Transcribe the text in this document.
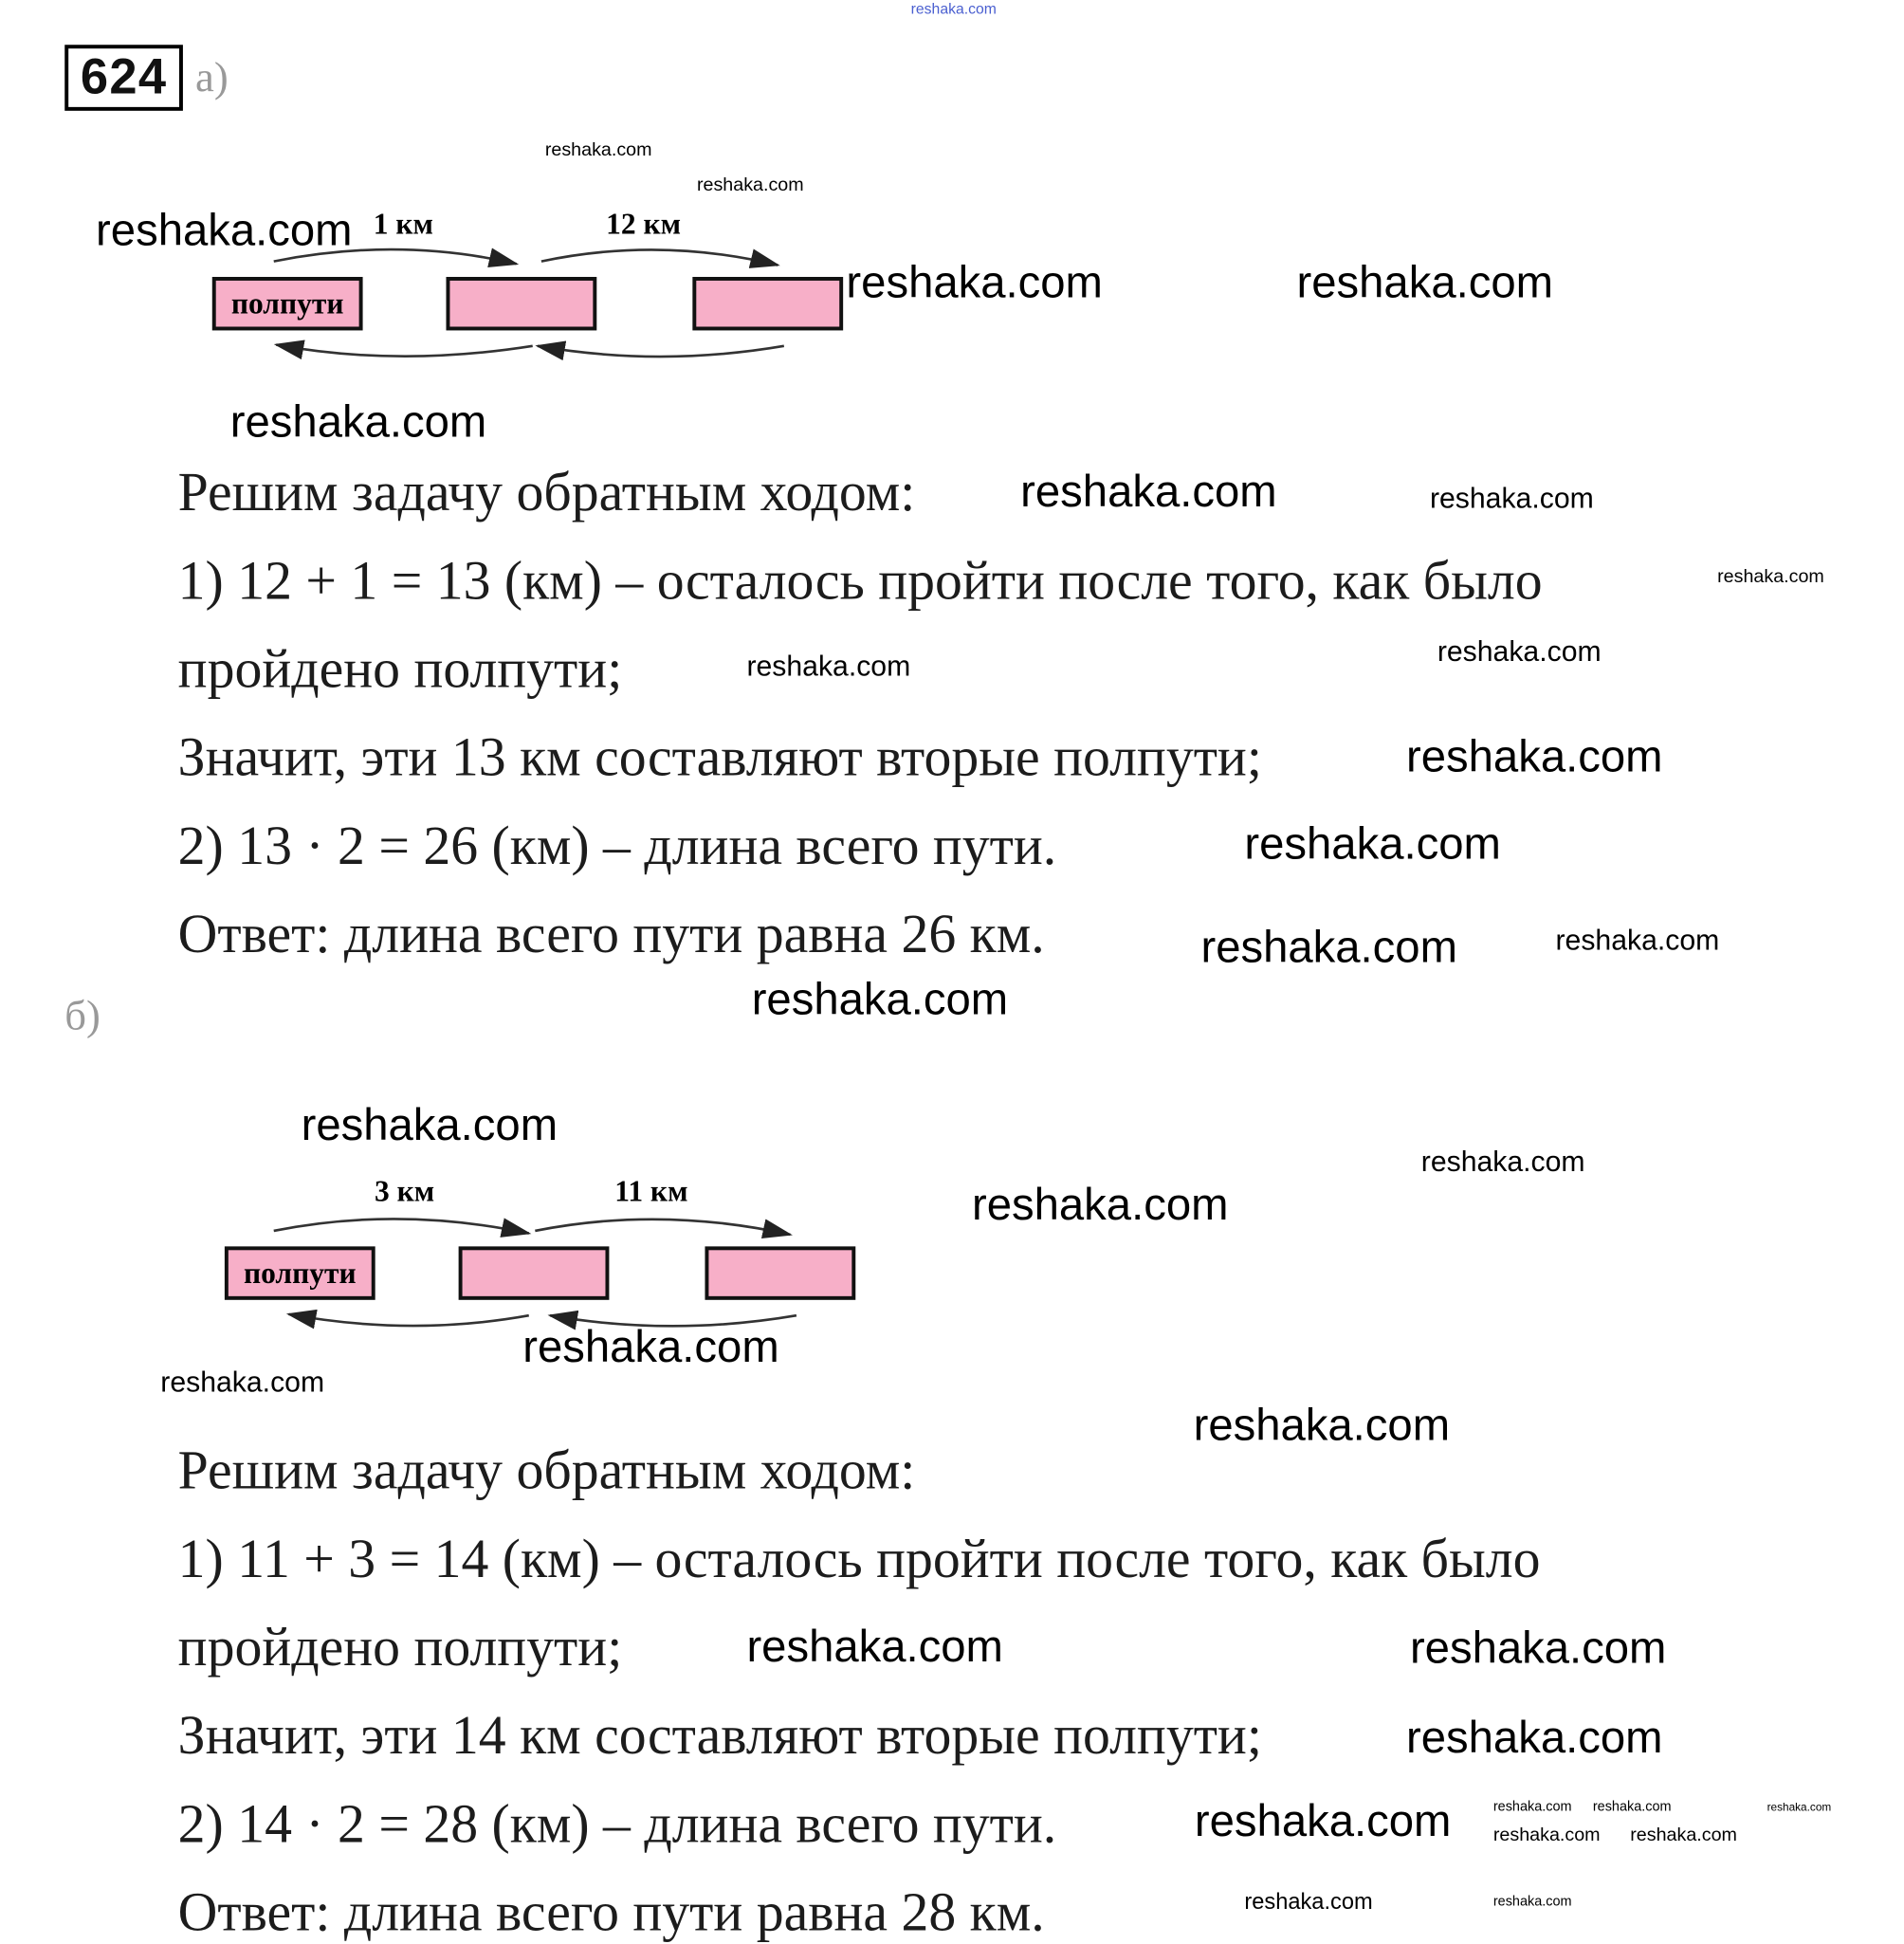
624 а)
1 км	12 км
полпути
Решим задачу обратным ходом:
1) 12 + 1 = 13 (км) – осталось пройти после того, как было
пройдено полпути;
Значит, эти 13 км составляют вторые полпути;
2) 13 · 2 = 26 (км) – длина всего пути.
Ответ: длина всего пути равна 26 км.
б)
3 км	11 км
полпути
Решим задачу обратным ходом:
1) 11 + 3 = 14 (км) – осталось пройти после того, как было
пройдено полпути;
Значит, эти 14 км составляют вторые полпути;
2) 14 · 2 = 28 (км) – длина всего пути.
Ответ: длина всего пути равна 28 км.
reshaka.com
reshaka.com
reshaka.com
reshaka.com
reshaka.com	reshaka.com
reshaka.com
reshaka.com
reshaka.com	reshaka.com
reshaka.com
reshaka.com
reshaka.com
reshaka.com
reshaka.com
reshaka.com
reshaka.com
reshaka.com
reshaka.com
reshaka.com
reshaka.com
reshaka.com
reshaka.com
reshaka.com
reshaka.com
reshaka.com
reshaka.com
reshaka.com reshaka.com	reshaka.com
reshaka.com reshaka.com
reshaka.com	reshaka.com
